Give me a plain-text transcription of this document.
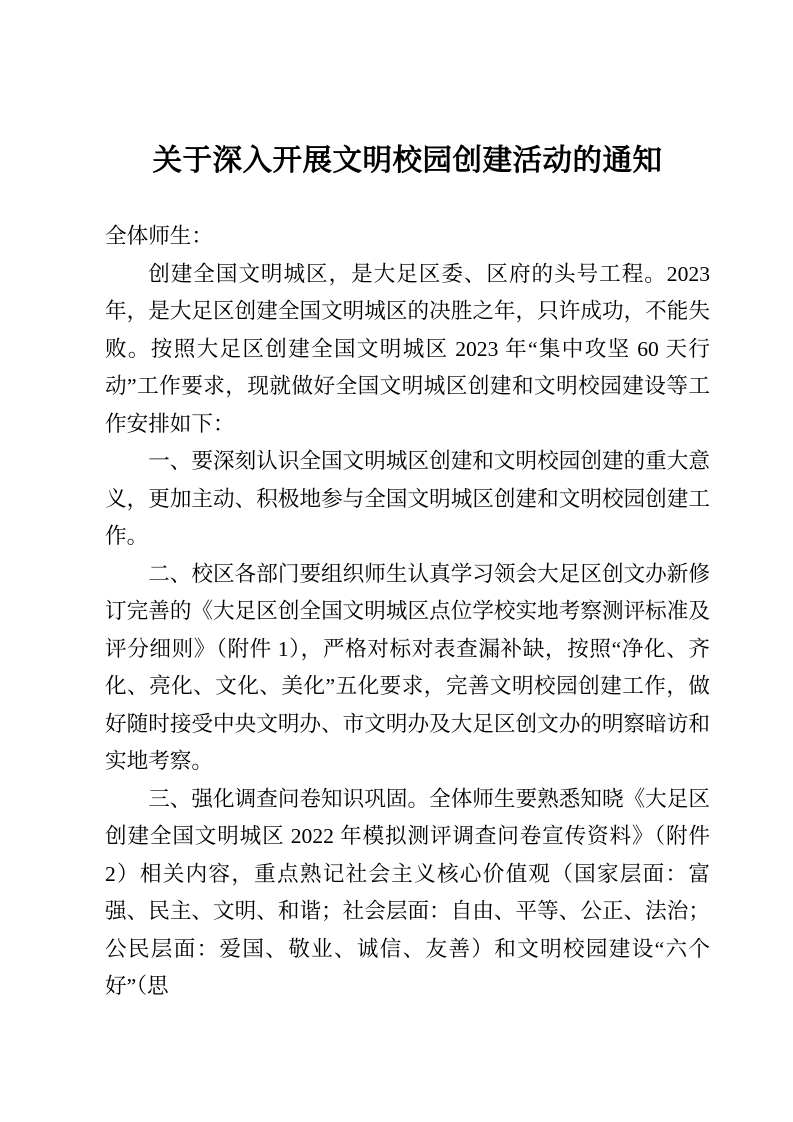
关于深入开展文明校园创建活动的通知

全体师生：

创建全国文明城区，是大足区委、区府的头号工程。2023 年，是大足区创建全国文明城区的决胜之年，只许成功，不能失败。按照大足区创建全国文明城区 2023 年“集中攻坚 60 天行动”工作要求，现就做好全国文明城区创建和文明校园建设等工作安排如下：

一、要深刻认识全国文明城区创建和文明校园创建的重大意义，更加主动、积极地参与全国文明城区创建和文明校园创建工作。

二、校区各部门要组织师生认真学习领会大足区创文办新修订完善的《大足区创全国文明城区点位学校实地考察测评标准及评分细则》（附件 1），严格对标对表查漏补缺，按照“净化、齐化、亮化、文化、美化”五化要求，完善文明校园创建工作，做好随时接受中央文明办、市文明办及大足区创文办的明察暗访和实地考察。

三、强化调查问卷知识巩固。全体师生要熟悉知晓《大足区创建全国文明城区 2022 年模拟测评调查问卷宣传资料》（附件 2）相关内容，重点熟记社会主义核心价值观（国家层面：富强、民主、文明、和谐；社会层面：自由、平等、公正、法治；公民层面：爱国、敬业、诚信、友善）和文明校园建设“六个好”（思
